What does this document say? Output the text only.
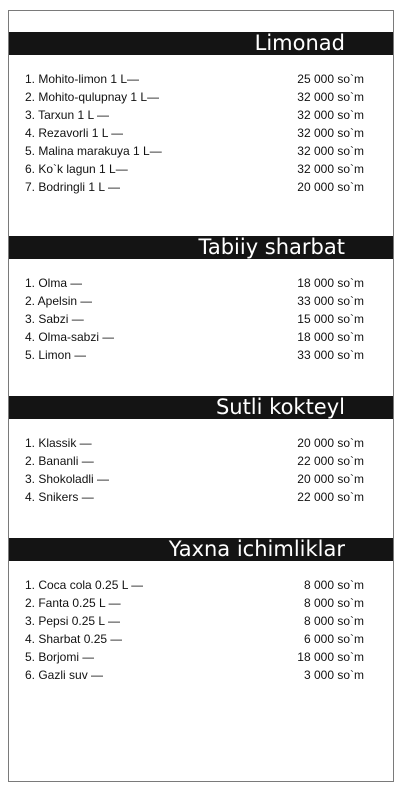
Limonad
1. Mohito-limon 1 L—	25 000 so`m
2. Mohito-qulupnay 1 L—	32 000 so`m
3. Tarxun 1 L —	32 000 so`m
4. Rezavorli 1 L —	32 000 so`m
5. Malina marakuya 1 L—	32 000 so`m
6. Ko`k lagun 1 L—	32 000 so`m
7. Bodringli 1 L —	20 000 so`m
Tabiiy sharbat
1. Olma —	18 000 so`m
2. Apelsin —	33 000 so`m
3. Sabzi —	15 000 so`m
4. Olma-sabzi —	18 000 so`m
5. Limon —	33 000 so`m
Sutli kokteyl
1. Klassik —	20 000 so`m
2. Bananli —	22 000 so`m
3. Shokoladli —	20 000 so`m
4. Snikers —	22 000 so`m
Yaxna ichimliklar
1. Coca cola 0.25 L —	8 000 so`m
2. Fanta 0.25 L —	8 000 so`m
3. Pepsi 0.25 L —	8 000 so`m
4. Sharbat 0.25 —	6 000 so`m
5. Borjomi —	18 000 so`m
6. Gazli suv —	3 000 so`m
